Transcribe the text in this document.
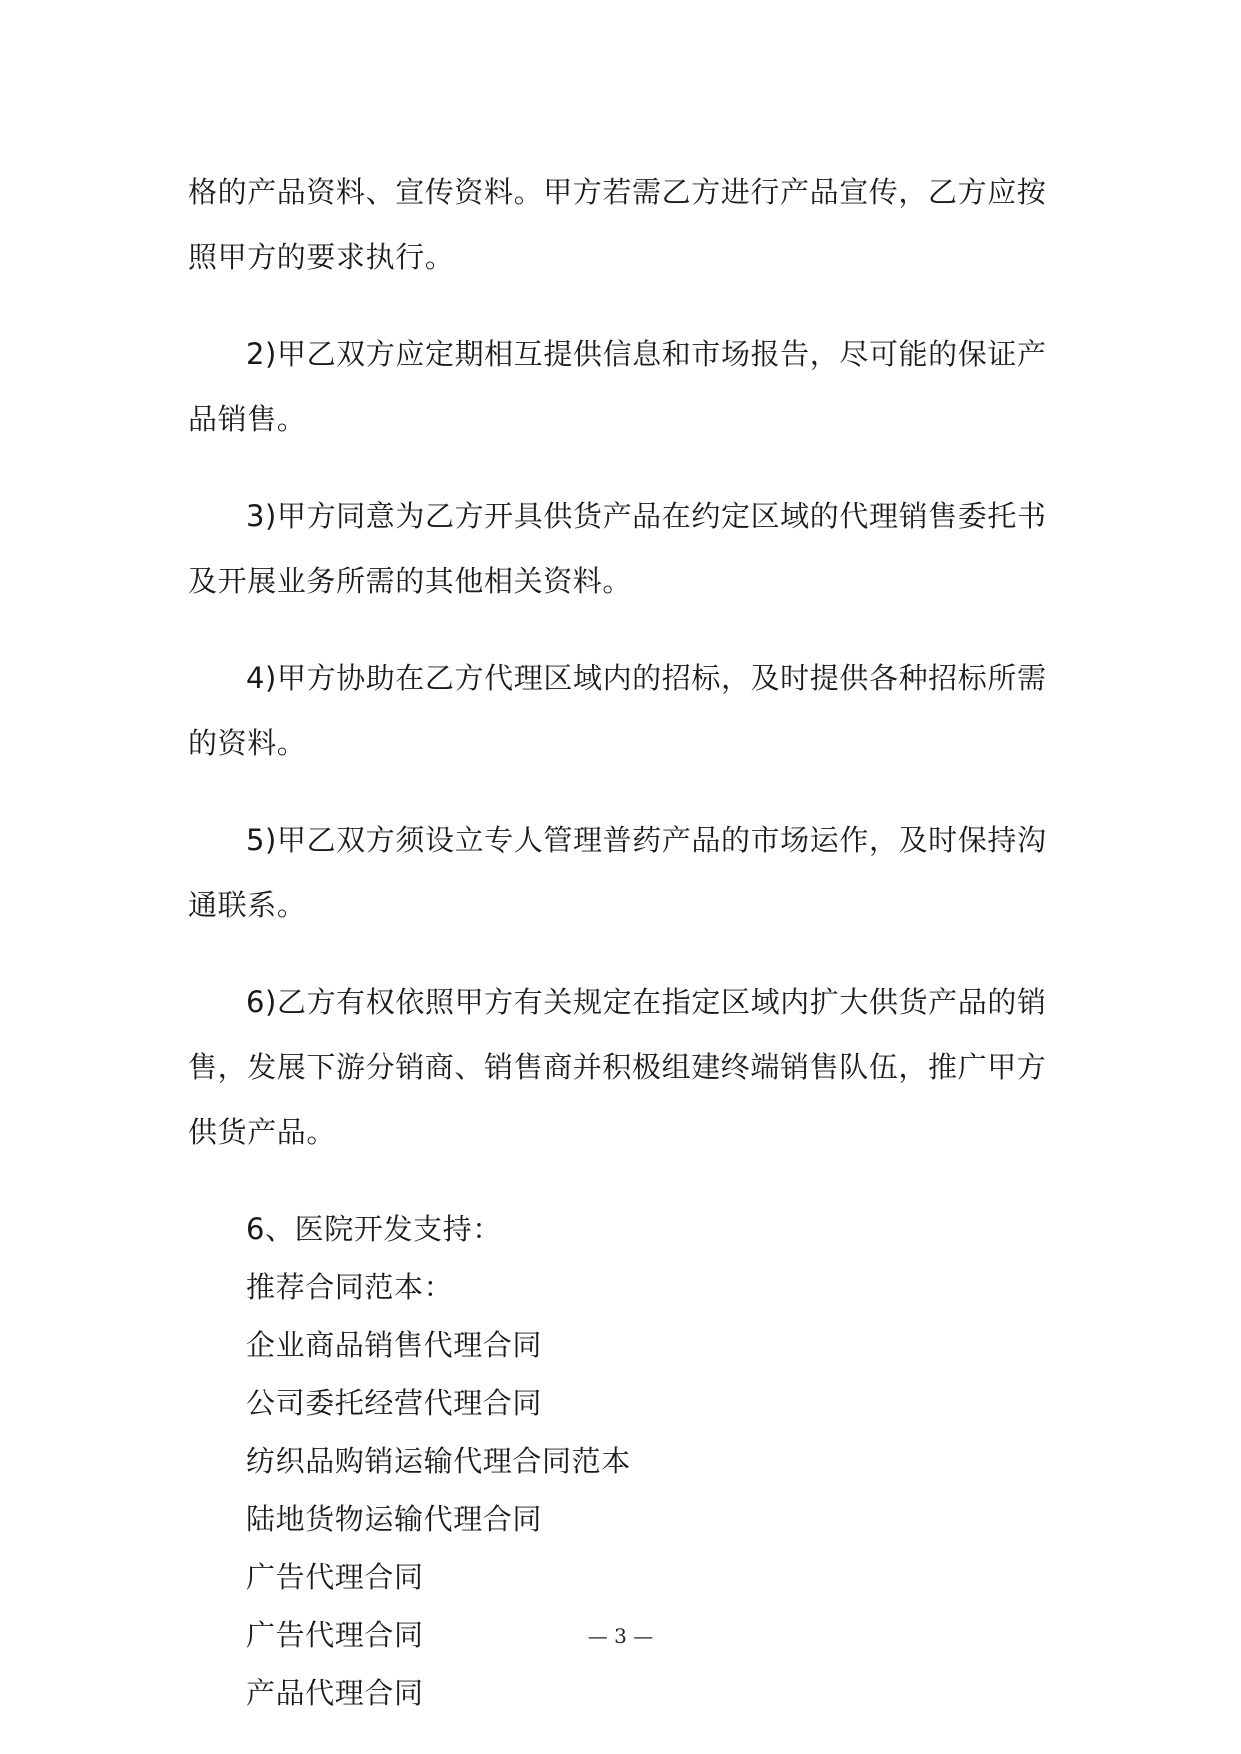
格的产品资料、宣传资料。甲方若需乙方进行产品宣传，乙方应按照甲方的要求执行。

2)甲乙双方应定期相互提供信息和市场报告，尽可能的保证产品销售。

3)甲方同意为乙方开具供货产品在约定区域的代理销售委托书及开展业务所需的其他相关资料。

4)甲方协助在乙方代理区域内的招标，及时提供各种招标所需的资料。

5)甲乙双方须设立专人管理普药产品的市场运作，及时保持沟通联系。

6)乙方有权依照甲方有关规定在指定区域内扩大供货产品的销售，发展下游分销商、销售商并积极组建终端销售队伍，推广甲方供货产品。

6、医院开发支持：

推荐合同范本：

企业商品销售代理合同

公司委托经营代理合同

纺织品购销运输代理合同范本

陆地货物运输代理合同

广告代理合同

广告代理合同

产品代理合同

— 3 —
